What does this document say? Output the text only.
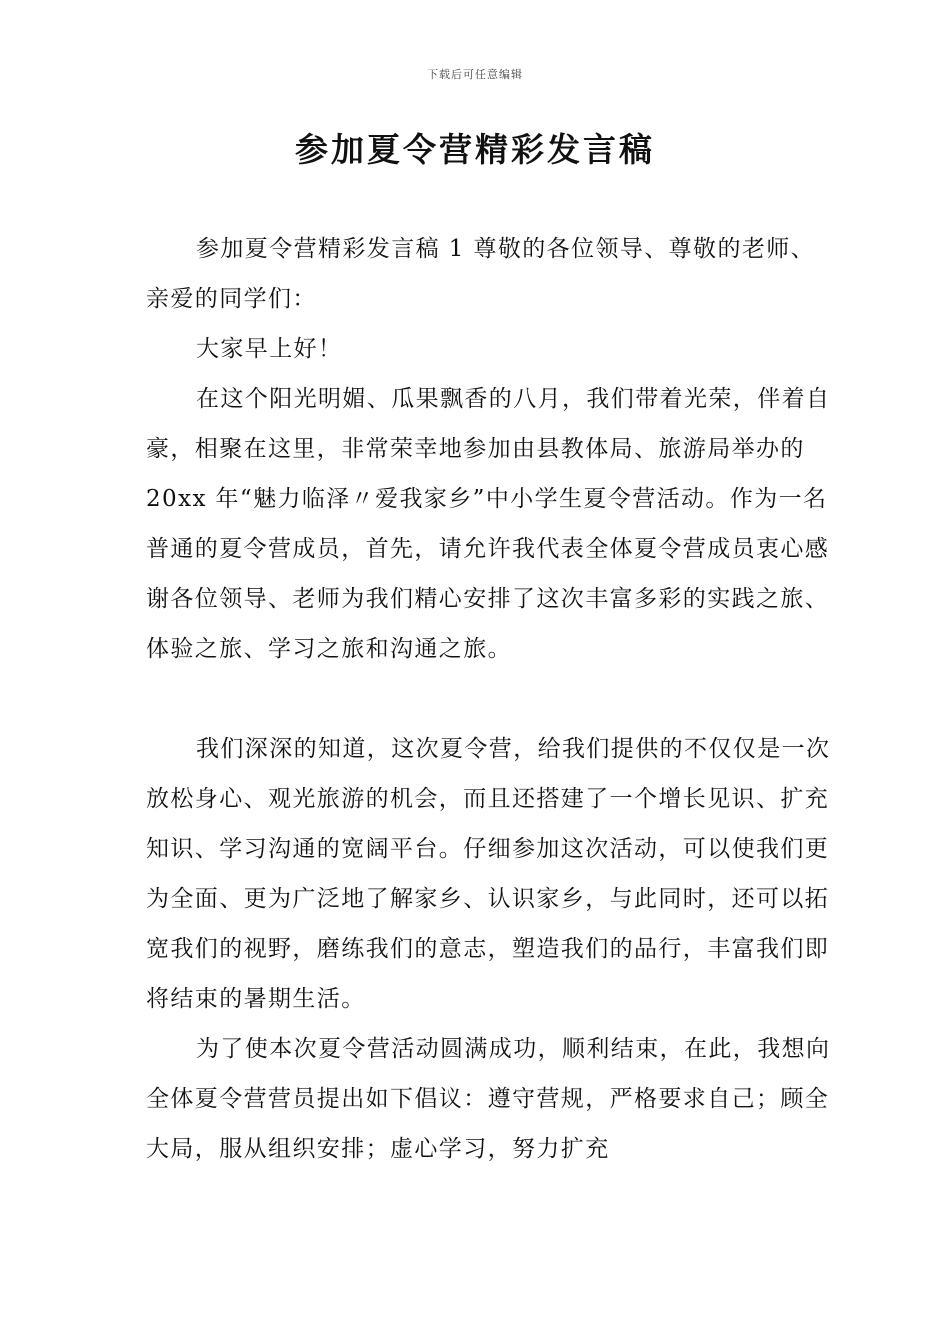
下载后可任意编辑
参加夏令营精彩发言稿

参加夏令营精彩发言稿 1 尊敬的各位领导、尊敬的老师、亲爱的同学们：

大家早上好！

在这个阳光明媚、瓜果飘香的八月，我们带着光荣，伴着自豪，相聚在这里，非常荣幸地参加由县教体局、旅游局举办的 20xx 年“魅力临泽〃爱我家乡”中小学生夏令营活动。作为一名普通的夏令营成员，首先，请允许我代表全体夏令营成员衷心感谢各位领导、老师为我们精心安排了这次丰富多彩的实践之旅、体验之旅、学习之旅和沟通之旅。

我们深深的知道，这次夏令营，给我们提供的不仅仅是一次放松身心、观光旅游的机会，而且还搭建了一个增长见识、扩充知识、学习沟通的宽阔平台。仔细参加这次活动，可以使我们更为全面、更为广泛地了解家乡、认识家乡，与此同时，还可以拓宽我们的视野，磨练我们的意志，塑造我们的品行，丰富我们即将结束的暑期生活。

为了使本次夏令营活动圆满成功，顺利结束，在此，我想向全体夏令营营员提出如下倡议：遵守营规，严格要求自己；顾全大局，服从组织安排；虚心学习，努力扩充
